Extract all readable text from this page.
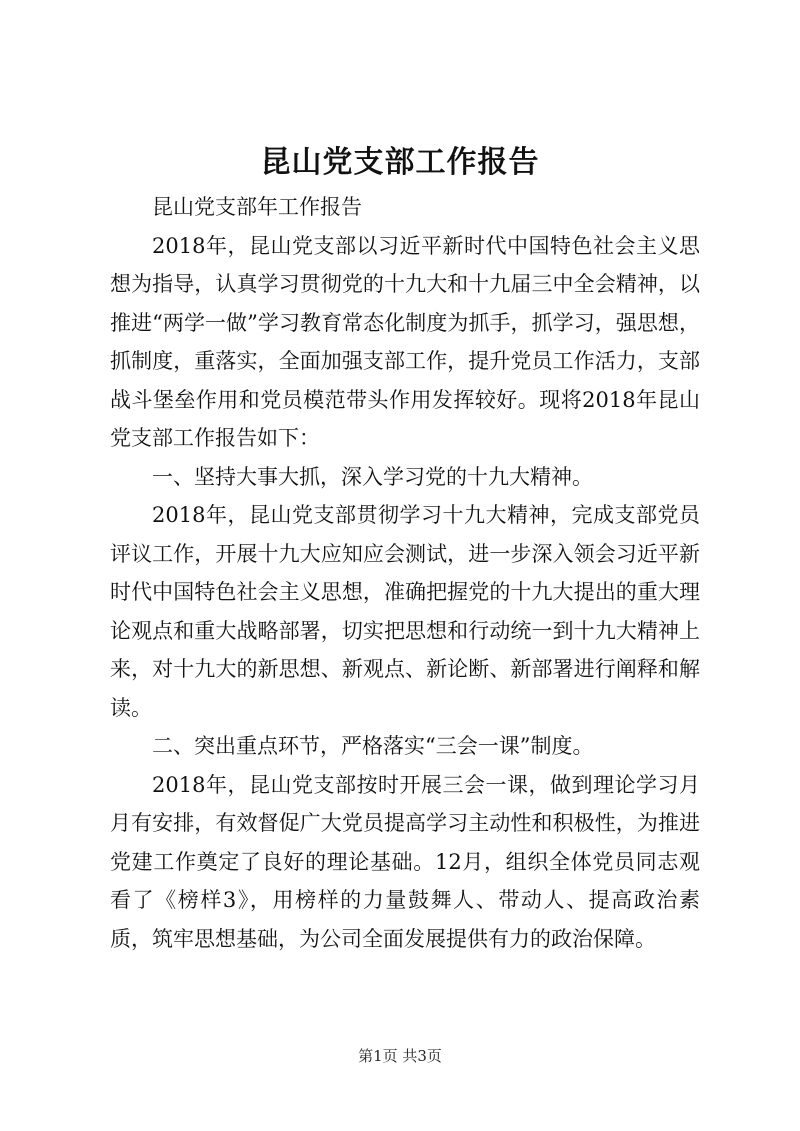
昆山党支部工作报告

昆山党支部年工作报告

2018年，昆山党支部以习近平新时代中国特色社会主义思想为指导，认真学习贯彻党的十九大和十九届三中全会精神，以推进“两学一做”学习教育常态化制度为抓手，抓学习，强思想，抓制度，重落实，全面加强支部工作，提升党员工作活力，支部战斗堡垒作用和党员模范带头作用发挥较好。现将2018年昆山党支部工作报告如下：

一、坚持大事大抓，深入学习党的十九大精神。

2018年，昆山党支部贯彻学习十九大精神，完成支部党员评议工作，开展十九大应知应会测试，进一步深入领会习近平新时代中国特色社会主义思想，准确把握党的十九大提出的重大理论观点和重大战略部署，切实把思想和行动统一到十九大精神上来，对十九大的新思想、新观点、新论断、新部署进行阐释和解读。

二、突出重点环节，严格落实“三会一课”制度。

2018年，昆山党支部按时开展三会一课，做到理论学习月月有安排，有效督促广大党员提高学习主动性和积极性，为推进党建工作奠定了良好的理论基础。12月，组织全体党员同志观看了《榜样3》，用榜样的力量鼓舞人、带动人、提高政治素质，筑牢思想基础，为公司全面发展提供有力的政治保障。

第1页 共3页
